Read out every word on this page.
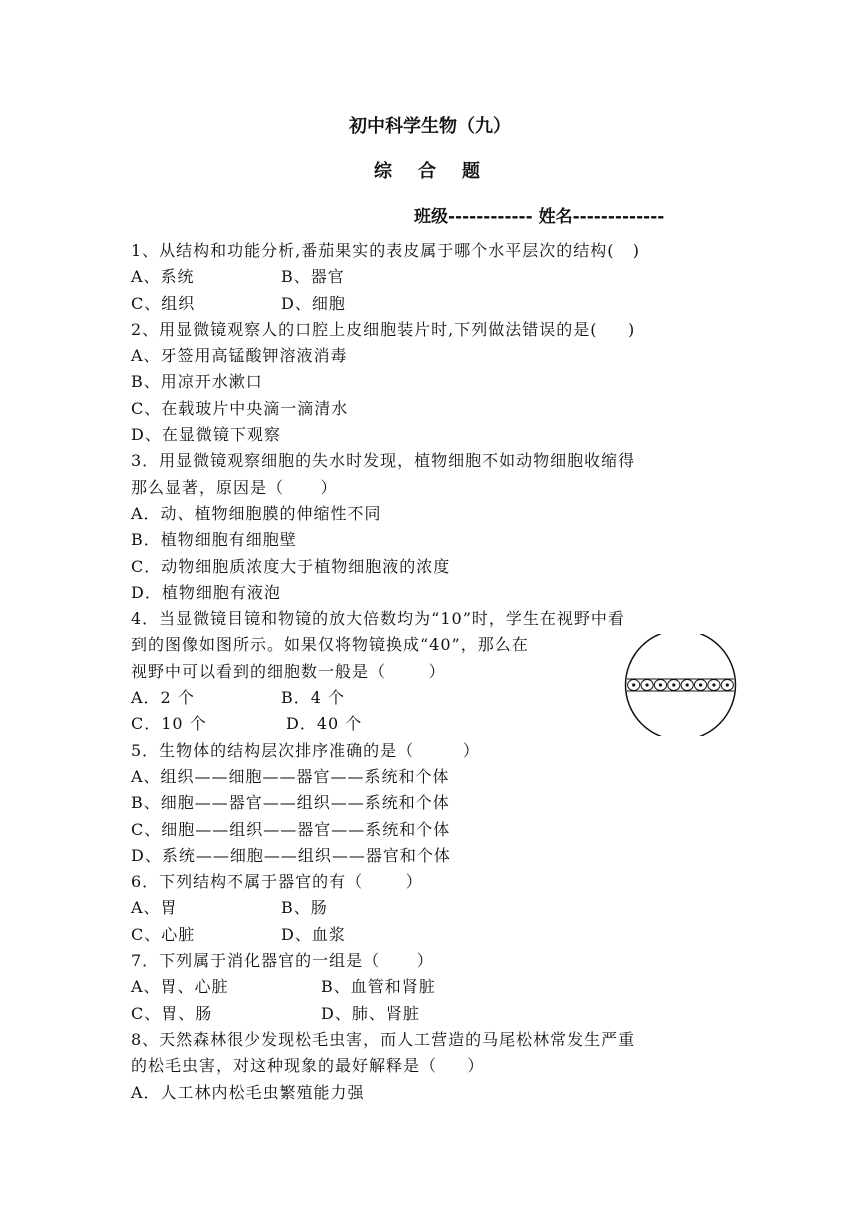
初中科学生物（九）
综 合 题
班级------------ 姓名-------------
1、从结构和功能分析,番茄果实的表皮属于哪个水平层次的结构(   )
A、系统	B、器官
C、组织	D、细胞
2、用显微镜观察人的口腔上皮细胞装片时,下列做法错误的是(     )
A、牙签用高锰酸钾溶液消毒
B、用凉开水漱口
C、在载玻片中央滴一滴清水
D、在显微镜下观察
3．用显微镜观察细胞的失水时发现，植物细胞不如动物细胞收缩得
那么显著，原因是（      ）
A．动、植物细胞膜的伸缩性不同
B．植物细胞有细胞壁
C．动物细胞质浓度大于植物细胞液的浓度
D．植物细胞有液泡
4．当显微镜目镜和物镜的放大倍数均为“10”时，学生在视野中看
到的图像如图所示。如果仅将物镜换成“40”，那么在
视野中可以看到的细胞数一般是（       ）
A．2 个	B．4 个
C．10 个	D．40 个
5．生物体的结构层次排序准确的是（        ）
A、组织——细胞——器官——系统和个体
B、细胞——器官——组织——系统和个体
C、细胞——组织——器官——系统和个体
D、系统——细胞——组织——器官和个体
6．下列结构不属于器官的有（       ）
A、胃	B、肠
C、心脏	D、血浆
7．下列属于消化器官的一组是（      ）
A、胃、心脏	B、血管和肾脏
C、胃、肠	D、肺、肾脏
8、天然森林很少发现松毛虫害，而人工营造的马尾松林常发生严重
的松毛虫害，对这种现象的最好解释是（     ）
A．人工林内松毛虫繁殖能力强
